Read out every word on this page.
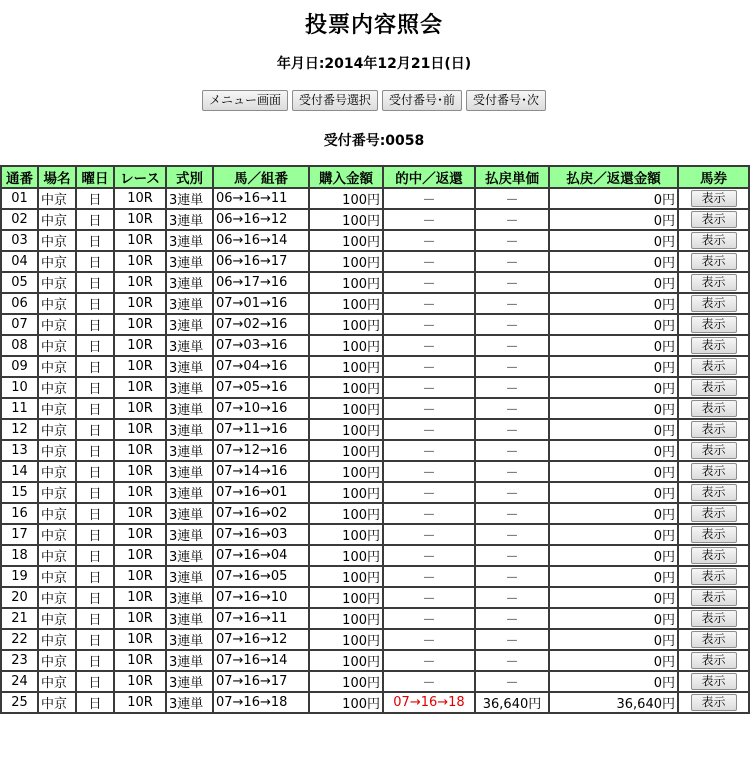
投票内容照会
年月日:2014年12月21日(日)
メニュー画面 受付番号選択 受付番号･前 受付番号･次
受付番号:0058
通番	場名	曜日	レース	式別	馬／組番	購入金額	的中／返還	払戻単価	払戻／返還金額	馬券
01	中京	日	10R	3連単	06→16→11	100円	－	－	0円	表示

02	中京	日	10R	3連単	06→16→12	100円	－	－	0円	表示

03	中京	日	10R	3連単	06→16→14	100円	－	－	0円	表示

04	中京	日	10R	3連単	06→16→17	100円	－	－	0円	表示

05	中京	日	10R	3連単	06→17→16	100円	－	－	0円	表示

06	中京	日	10R	3連単	07→01→16	100円	－	－	0円	表示

07	中京	日	10R	3連単	07→02→16	100円	－	－	0円	表示

08	中京	日	10R	3連単	07→03→16	100円	－	－	0円	表示

09	中京	日	10R	3連単	07→04→16	100円	－	－	0円	表示

10	中京	日	10R	3連単	07→05→16	100円	－	－	0円	表示

11	中京	日	10R	3連単	07→10→16	100円	－	－	0円	表示

12	中京	日	10R	3連単	07→11→16	100円	－	－	0円	表示

13	中京	日	10R	3連単	07→12→16	100円	－	－	0円	表示

14	中京	日	10R	3連単	07→14→16	100円	－	－	0円	表示

15	中京	日	10R	3連単	07→16→01	100円	－	－	0円	表示

16	中京	日	10R	3連単	07→16→02	100円	－	－	0円	表示

17	中京	日	10R	3連単	07→16→03	100円	－	－	0円	表示

18	中京	日	10R	3連単	07→16→04	100円	－	－	0円	表示

19	中京	日	10R	3連単	07→16→05	100円	－	－	0円	表示

20	中京	日	10R	3連単	07→16→10	100円	－	－	0円	表示

21	中京	日	10R	3連単	07→16→11	100円	－	－	0円	表示

22	中京	日	10R	3連単	07→16→12	100円	－	－	0円	表示

23	中京	日	10R	3連単	07→16→14	100円	－	－	0円	表示

24	中京	日	10R	3連単	07→16→17	100円	－	－	0円	表示

25	中京	日	10R	3連単	07→16→18	100円	07→16→18	36,640円	36,640円	表示
